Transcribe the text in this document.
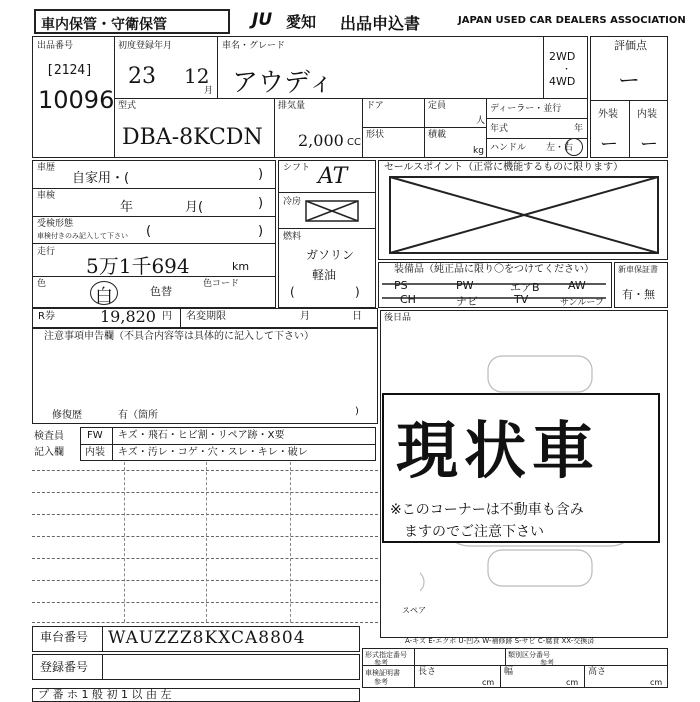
車内保管・守衛保管	JU 愛知 出品申込書	JAPAN USED CAR DEALERS ASSOCIATION
出品番号
[2124]
10096
初度登録年月
23 12
月
車名・グレード
アウディ
2WD
・
4WD
評価点
ー
外装 内装
ー ー
型式
DBA-8KCDN
排気量
2,000 CC
ドア	定員
人
形状	積載
kg
ディーラー・並行
年式	年
ハンドル 左・右
車歴
自家用・(	)
車検
年	月(	)
受検形態
車検付きのみ記入して下さい (	)
走行
5万1千694	km
色
白	色替
色コード
シフト AT
冷房
燃料
ガソリン
軽油
(	)
セールスポイント（正常に機能するものに限ります）
装備品（純正品に限り〇をつけてください）
PS	PW	エアB	AW
CH	ナビ	TV	サンルーフ
新車保証書
有・無
R券	19,820 円 名変期限	月	日 後日品
スペア
現状車
※このコーナーは不動車も含み
ますのでご注意下さい
注意事項申告欄（不具合内容等は具体的に記入して下さい）
修復歴	有（箇所	)
検査員
記入欄
FW キズ・飛石・ヒビ割・リペア跡・X要
内装 キズ・汚レ・コゲ・穴・スレ・キレ・破レ
A-キズ E-エクボ U-凹み W-補修跡 S-サビ C-腐食 XX-交換済
車台番号 WAUZZZ8KXCA8804
登録番号
形式指定番号
参考
類別区分番号
参考
車検証明書
参考
長さ
cm
幅
cm
高さ
cm
プ 番 ホ 1 般 初 1 以 由 左
